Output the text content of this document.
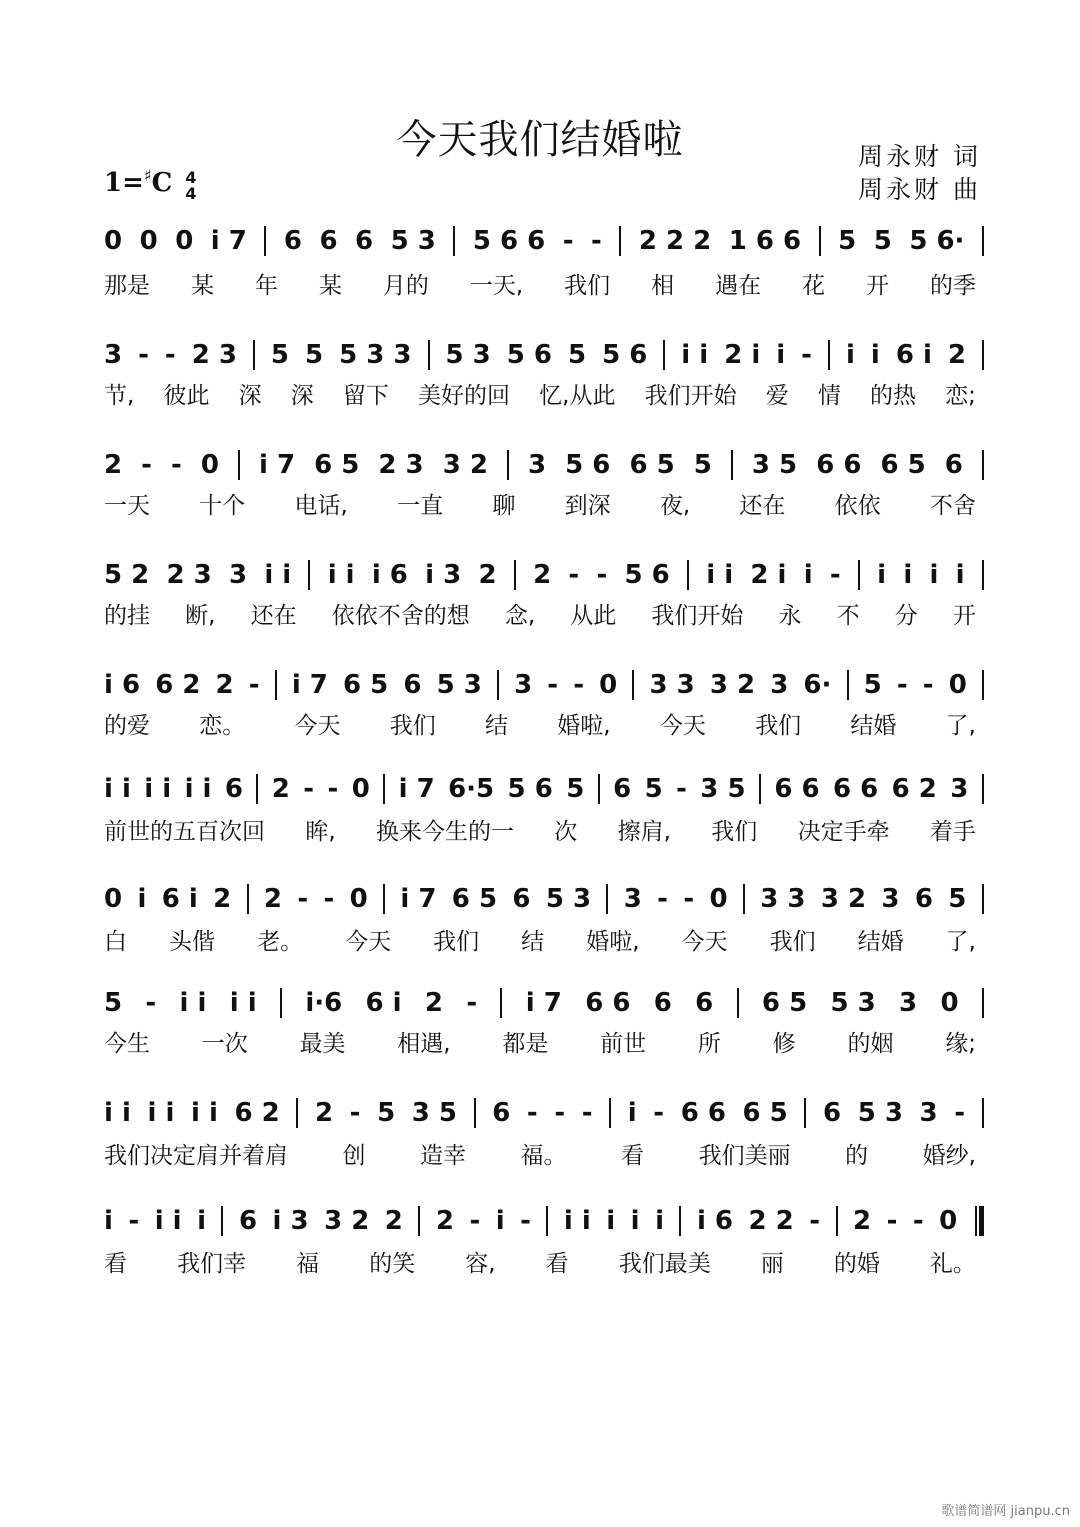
今天我们结婚啦	周永财 词
周永财 曲
1=♯C 4
4
0 0 0 i 7 6 6 6 5 3 5 6 6 - - 2 2 2 1 6 6 5 5 5 6·
那是 某 年 某 月的 一天, 我们 相 遇在 花 开 的季
3 - - 2 3 5 5 5 3 3 5 3 5 6 5 5 6 i i 2 i i - i i 6 i 2
节, 彼此 深 深 留下 美好的回 忆,从此 我们开始 爱 情 的热 恋;
2 - - 0 i 7 6 5 2 3 3 2 3 5 6 6 5 5 3 5 6 6 6 5 6
一天 十个 电话, 一直 聊 到深 夜, 还在 依依 不舍
5 2 2 3 3 i i i i i 6 i 3 2 2 - - 5 6 i i 2 i i - i i i i
的挂 断, 还在 依依不舍的想 念, 从此 我们开始 永 不 分 开
i 6 6 2 2 - i 7 6 5 6 5 3 3 - - 0 3 3 3 2 3 6· 5 - - 0
的爱 恋。 今天 我们 结 婚啦, 今天 我们 结婚 了,
i i i i i i 6 2 - - 0 i 7 6·5 5 6 5 6 5 - 3 5 6 6 6 6 6 2 3
前世的五百次回 眸, 换来今生的一 次 擦肩, 我们 决定手牵 着手
0 i 6 i 2 2 - - 0 i 7 6 5 6 5 3 3 - - 0 3 3 3 2 3 6 5
白 头偕 老。 今天 我们 结 婚啦, 今天 我们 结婚 了,
5 - i i i i i·6 6 i 2 - i 7 6 6 6 6 6 5 5 3 3 0
今生 一次 最美 相遇, 都是 前世 所 修 的姻 缘;
i i i i i i 6 2 2 - 5 3 5 6 - - - i - 6 6 6 5 6 5 3 3 -
我们决定肩并着肩 创 造幸 福。 看 我们美丽 的 婚纱,
i - i i i 6 i 3 3 2 2 2 - i - i i i i i i 6 2 2 - 2 - - 0
看 我们幸 福 的笑 容, 看 我们最美 丽 的婚 礼。
歌谱简谱网 jianpu.cn
